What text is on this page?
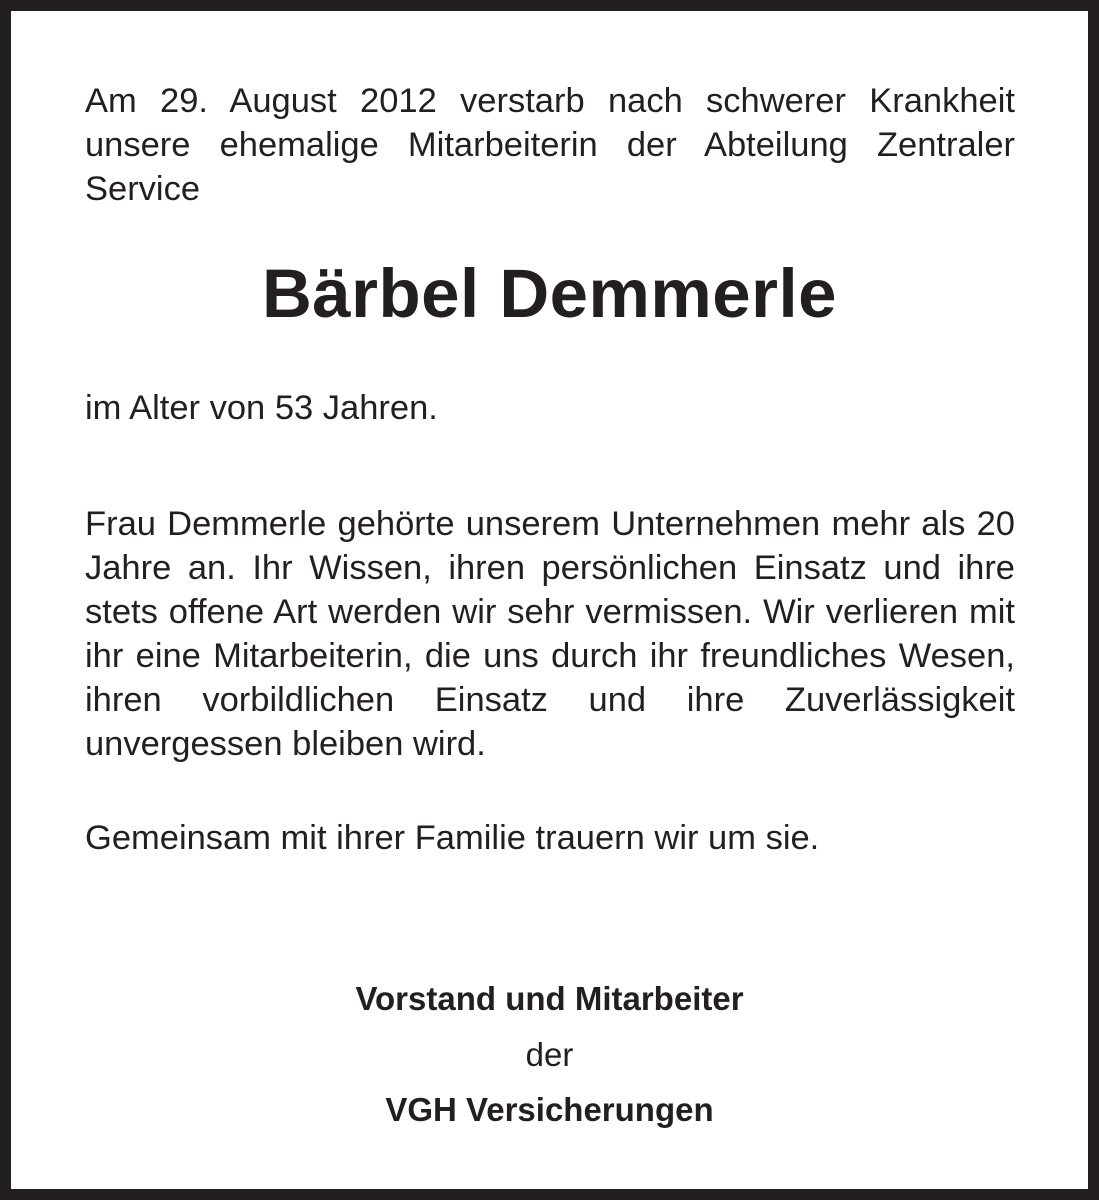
Am 29. August 2012 verstarb nach schwerer Krankheit unsere ehemalige Mitarbeiterin der Abteilung Zentraler Service

Bärbel Demmerle

im Alter von 53 Jahren.

Frau Demmerle gehörte unserem Unternehmen mehr als 20 Jahre an. Ihr Wissen, ihren persönlichen Einsatz und ihre stets offene Art werden wir sehr vermissen. Wir verlieren mit ihr eine Mitarbeiterin, die uns durch ihr freundliches Wesen, ihren vorbildlichen Einsatz und ihre Zuverlässigkeit unvergessen bleiben wird.

Gemeinsam mit ihrer Familie trauern wir um sie.

Vorstand und Mitarbeiter

der

VGH Versicherungen
